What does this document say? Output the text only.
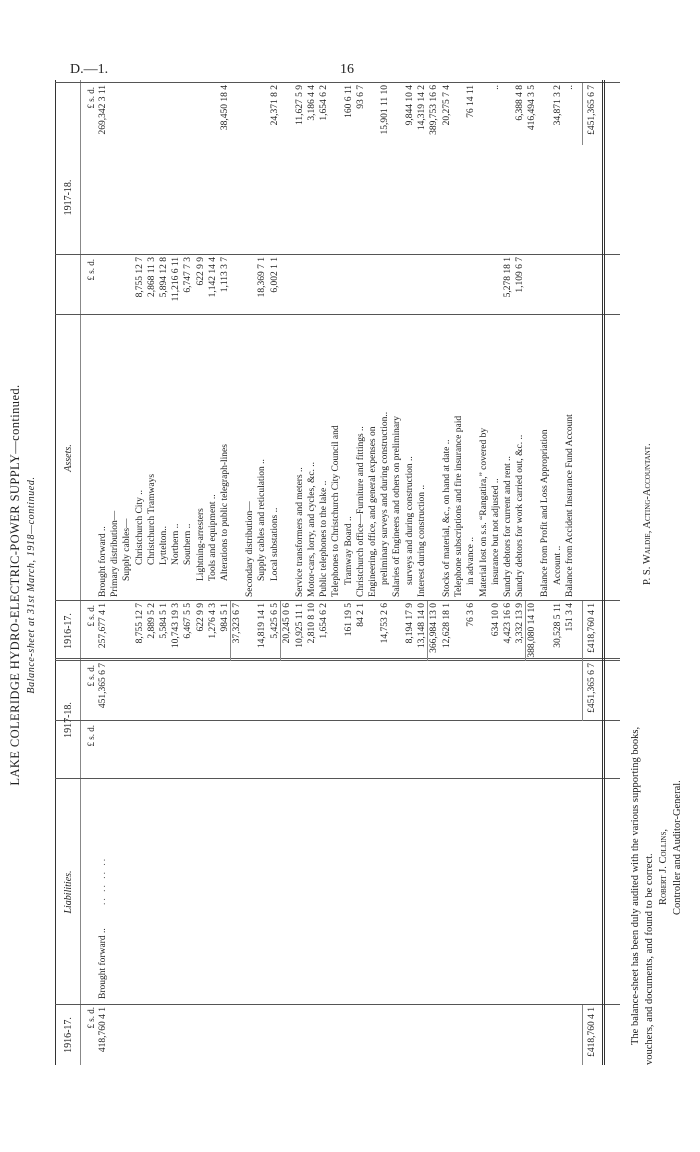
D.—1.	16
LAKE COLERIDGE HYDRO-ELECTRIC-POWER SUPPLY—continued. Balance-sheet at 31st March, 1918—continued.
1916-17.
Liabilities.
1917-18.
1916-17.
Assets.
1917-18.
£ s. d.
£ s. d.
£ s. d.
£ s. d.
£ s. d.
£ s. d.
418,760 4 1
Brought forward ..
.. .. .. ..
451,365 6 7
257,677 4 1
Brought forward ..
269,342 3 11
Primary distribution— Supply cables—
8,755 12 7
Christchurch City ..
8,755 12 7
2,889 5 2
Christchurch Tramways
2,868 11 3
5,584 5 1
Lyttelton..
5,894 12 8
10,743 19 3
Northern ..
11,216 6 11
6,467 5 5
Southern ..
6,747 7 3
622 9 9
Lightning-arresters
622 9 9
1,276 4 3
Tools and equipment ..
1,142 14 4
984 5 1
Alterations to public telegraph-lines
1,113 3 7
38,450 18 4
37,323 6 7
Secondary distribution—
14,819 14 1
Supply cables and reticulation ..
18,369 7 1
5,425 6 5
Local substations ..
6,002 1 1
24,371 8 2
20,245 0 6 10,925 11 1
Service transformers and meters ..
11,627 5 9
2,810 8 10
Motor-cars, lorry, and cycles, &c. ..
3,186 4 4
1,654 6 2
Public telephones to the lake ..
1,654 6 2
Telephones to Christchurch City Council and
161 19 5
Tramway Board ..
160 6 11
84 2 1
Christchurch office—Furniture and fittings ..
93 6 7
Engineering, office, and general expenses on
14,753 2 6
preliminary surveys and during construction..
15,901 11 10
Salaries of Engineers and others on preliminary
8,194 17 9
surveys and during construction ..
9,844 10 4
13,148 14 0
Interest during construction ..
14,319 14 2
366,984 13 0
389,753 16 6
12,628 18 1
Stocks of material, &c., on hand at date ..
20,275 7 4
Telephone subscriptions and fire insurance paid
76 3 6
in advance ..
76 14 11
Material lost on s.s. “Rangatira,” covered by
634 10 0
insurance but not adjusted ..
..
4,423 16 6
Sundry debtors for current and rent ..
5,278 18 1
3,332 13 9
Sundry debtors for work carried out, &c. ..
1,109 6 7
6,388 4 8
388,080 14 10
416,494 3 5
Balance from Profit and Loss Appropriation
30,528 5 11
Account ..
34,871 3 2
151 3 4
Balance from Accident Insurance Fund Account
..
£418,760 4 1
£451,365 6 7
£418,760 4 1
£451,365 6 7
The balance-sheet has been duly audited with the various supporting books, vouchers, and documents, and found to be correct. Robert J. Collins, Controller and Auditor-General.
P. S. Waldie, Acting-Accountant.
